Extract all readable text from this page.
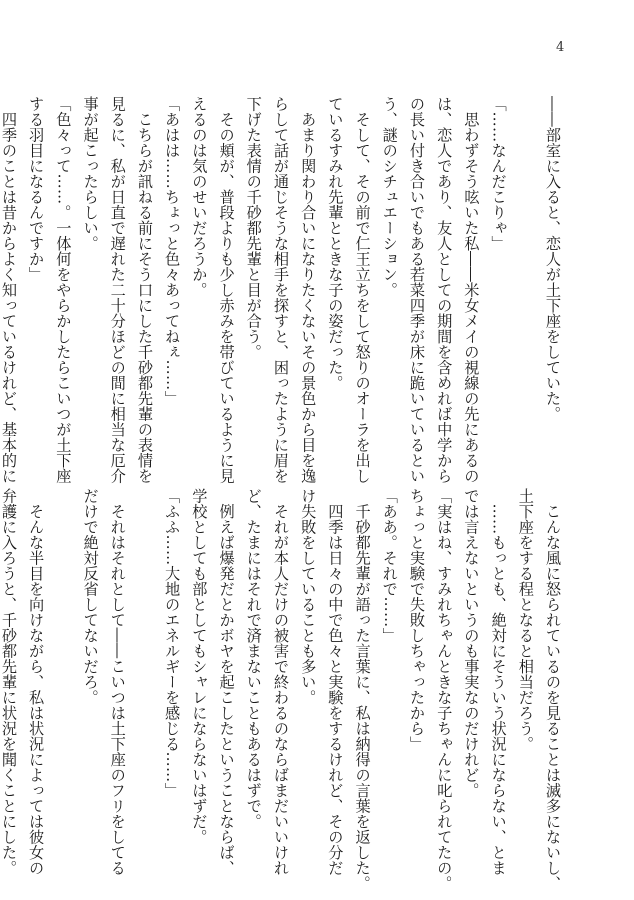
4
――部室に入ると、恋人が土下座をしていた。

「……なんだこりゃ」
　思わずそう呟いた私――米女メイの視線の先にあるの
は、恋人であり、友人としての期間を含めれば中学から
の長い付き合いでもある若菜四季が床に跪いているとい
う、謎のシチュエーション。
　そして、その前で仁王立ちをして怒りのオーラを出し
ているすみれ先輩とときな子の姿だった。
　あまり関わり合いになりたくないその景色から目を逸
らして話が通じそうな相手を探すと、困ったように眉を
下げた表情の千砂都先輩と目が合う。
　その頬が、普段よりも少し赤みを帯びているように見
えるのは気のせいだろうか。
「あはは……ちょっと色々あってねぇ……」
　こちらが訊ねる前にそう口にした千砂都先輩の表情を
見るに、私が日直で遅れた二十分ほどの間に相当な厄介
事が起こったらしい。
「色々って……。一体何をやらかしたらこいつが土下座
する羽目になるんですか」
　四季のことは昔からよく知っているけれど、基本的に
　こんな風に怒られているのを見ることは滅多にないし、
土下座をする程となると相当だろう。
　……もっとも、絶対にそういう状況にならない、とま
では言えないというのも事実なのだけれど。
「実はね、すみれちゃんときな子ちゃんに叱られてたの。
ちょっと実験で失敗しちゃったから」
「ああ。それで……」
　千砂都先輩が語った言葉に、私は納得の言葉を返した。
　四季は日々の中で色々と実験をするけれど、その分だ
け失敗をしていることも多い。
　それが本人だけの被害で終わるのならばまだいいけれ
ど、たまにはそれで済まないこともあるはずで。
　例えば爆発だとかボヤを起こしたということならば、
学校としても部としてもシャレにならないはずだ。
「ふふ……大地のエネルギーを感じる……」

　それはそれとして――こいつは土下座のフリをしてる
だけで絶対反省してないだろ。

　そんな半目を向けながら、私は状況によっては彼女の
弁護に入ろうと、千砂都先輩に状況を聞くことにした。
